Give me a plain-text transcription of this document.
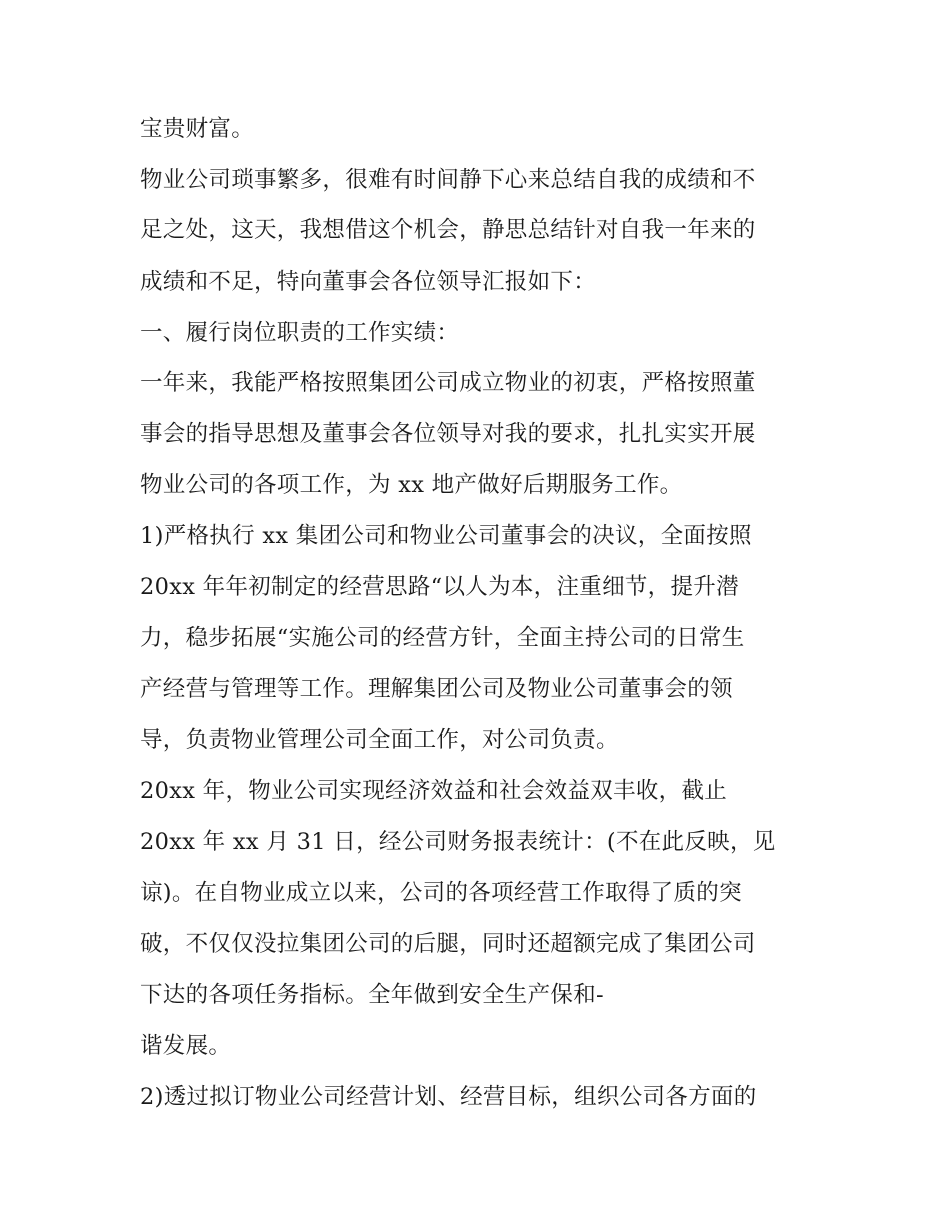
宝贵财富。
物业公司琐事繁多，很难有时间静下心来总结自我的成绩和不
足之处，这天，我想借这个机会，静思总结针对自我一年来的
成绩和不足，特向董事会各位领导汇报如下：
一、履行岗位职责的工作实绩：
一年来，我能严格按照集团公司成立物业的初衷，严格按照董
事会的指导思想及董事会各位领导对我的要求，扎扎实实开展
物业公司的各项工作，为 xx 地产做好后期服务工作。
1)严格执行 xx 集团公司和物业公司董事会的决议，全面按照
20xx 年年初制定的经营思路“以人为本，注重细节，提升潜
力，稳步拓展“实施公司的经营方针，全面主持公司的日常生
产经营与管理等工作。理解集团公司及物业公司董事会的领
导，负责物业管理公司全面工作，对公司负责。
20xx 年，物业公司实现经济效益和社会效益双丰收，截止
20xx 年 xx 月 31 日，经公司财务报表统计：(不在此反映，见
谅)。在自物业成立以来，公司的各项经营工作取得了质的突
破，不仅仅没拉集团公司的后腿，同时还超额完成了集团公司
下达的各项任务指标。全年做到安全生产保和-
谐发展。
2)透过拟订物业公司经营计划、经营目标，组织公司各方面的
